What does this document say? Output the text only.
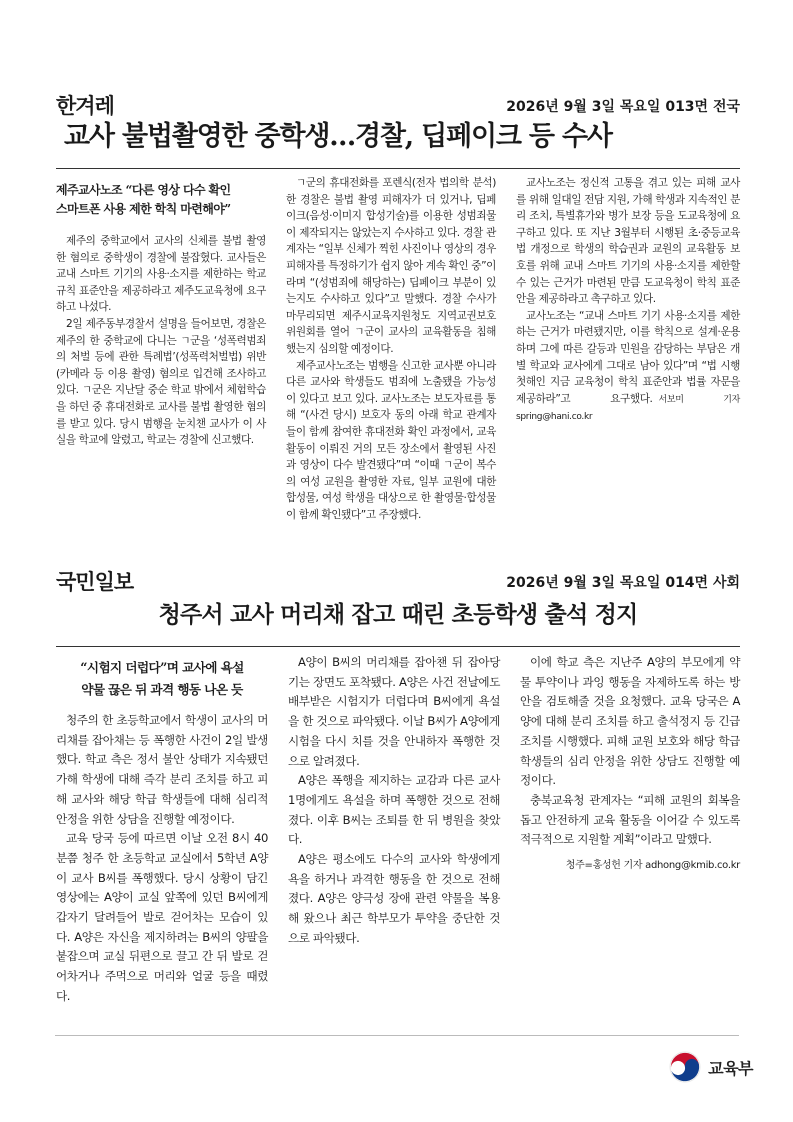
한겨레	2026년 9월 3일 목요일 013면 전국
교사 불법촬영한 중학생…경찰, 딥페이크 등 수사
제주교사노조 “다른 영상 다수 확인
스마트폰 사용 제한 학칙 마련해야”

제주의 중학교에서 교사의 신체를 불법 촬영한 혐의로 중학생이 경찰에 불잡혔다. 교사들은 교내 스마트 기기의 사용·소지를 제한하는 학교규칙 표준안을 제공하라고 제주도교육청에 요구하고 나섰다.

2일 제주동부경찰서 설명을 들어보면, 경찰은 제주의 한 중학교에 다니는 ㄱ군을 ‘성폭력범죄의 처벌 등에 관한 특례법’(성폭력처벌법) 위반(카메라 등 이용 촬영) 혐의로 입건해 조사하고 있다. ㄱ군은 지난달 중순 학교 밖에서 체험학습을 하던 중 휴대전화로 교사를 불법 촬영한 혐의를 받고 있다. 당시 범행을 눈치챈 교사가 이 사실을 학교에 알렸고, 학교는 경찰에 신고했다.

ㄱ군의 휴대전화를 포렌식(전자 법의학 분석)한 경찰은 불법 촬영 피해자가 더 있거나, 딥페이크(음성·이미지 합성기술)를 이용한 성범죄물이 제작되지는 않았는지 수사하고 있다. 경찰 관계자는 “일부 신체가 찍힌 사진이나 영상의 경우 피해자를 특정하기가 쉽지 않아 계속 확인 중”이라며 “(성범죄에 해당하는) 딥페이크 부분이 있는지도 수사하고 있다”고 말했다. 경찰 수사가 마무리되면 제주시교육지원청도 지역교권보호위원회를 열어 ㄱ군이 교사의 교육활동을 침해했는지 심의할 예정이다.

제주교사노조는 범행을 신고한 교사뿐 아니라 다른 교사와 학생들도 범죄에 노출됐을 가능성이 있다고 보고 있다. 교사노조는 보도자료를 통해 “(사건 당시) 보호자 동의 아래 학교 관계자들이 함께 참여한 휴대전화 확인 과정에서, 교육활동이 이뤄진 거의 모든 장소에서 촬영된 사진과 영상이 다수 발견됐다”며 “이때 ㄱ군이 복수의 여성 교원을 촬영한 자료, 일부 교원에 대한 합성물, 여성 학생을 대상으로 한 촬영물·합성물이 함께 확인됐다”고 주장했다.

교사노조는 정신적 고통을 겪고 있는 피해 교사를 위해 일대일 전담 지원, 가해 학생과 지속적인 분리 조치, 특별휴가와 병가 보장 등을 도교육청에 요구하고 있다. 또 지난 3월부터 시행된 초·중등교육법 개정으로 학생의 학습권과 교원의 교육활동 보호를 위해 교내 스마트 기기의 사용·소지를 제한할 수 있는 근거가 마련된 만큼 도교육청이 학칙 표준안을 제공하라고 촉구하고 있다.

교사노조는 “교내 스마트 기기 사용·소지를 제한하는 근거가 마련됐지만, 이를 학칙으로 설계·운용하며 그에 따른 갈등과 민원을 감당하는 부담은 개별 학교와 교사에게 그대로 남아 있다”며 “법 시행 첫해인 지금 교육청이 학칙 표준안과 법률 자문을 제공하라”고 요구했다. 서보미 기자 spring@hani.co.kr

국민일보	2026년 9월 3일 목요일 014면 사회
청주서 교사 머리채 잡고 때린 초등학생 출석 정지
“시험지 더럽다”며 교사에 욕설
약물 끊은 뒤 과격 행동 나온 듯

청주의 한 초등학교에서 학생이 교사의 머리채를 잡아채는 등 폭행한 사건이 2일 발생했다. 학교 측은 정서 불안 상태가 지속됐던 가해 학생에 대해 즉각 분리 조치를 하고 피해 교사와 해당 학급 학생들에 대해 심리적 안정을 위한 상담을 진행할 예정이다.

교육 당국 등에 따르면 이날 오전 8시 40분쯤 청주 한 초등학교 교실에서 5학년 A양이 교사 B씨를 폭행했다. 당시 상황이 담긴 영상에는 A양이 교실 앞쪽에 있던 B씨에게 갑자기 달려들어 발로 걷어차는 모습이 있다. A양은 자신을 제지하려는 B씨의 양팔을 붙잡으며 교실 뒤편으로 끌고 간 뒤 발로 걷어차거나 주먹으로 머리와 얼굴 등을 때렸다.

A양이 B씨의 머리채를 잡아챈 뒤 잡아당기는 장면도 포착됐다. A양은 사건 전날에도 배부받은 시험지가 더럽다며 B씨에게 욕설을 한 것으로 파악됐다. 이날 B씨가 A양에게 시험을 다시 치를 것을 안내하자 폭행한 것으로 알려졌다.

A양은 폭행을 제지하는 교감과 다른 교사 1명에게도 욕설을 하며 폭행한 것으로 전해졌다. 이후 B씨는 조퇴를 한 뒤 병원을 찾았다.

A양은 평소에도 다수의 교사와 학생에게 욕을 하거나 과격한 행동을 한 것으로 전해졌다. A양은 양극성 장애 관련 약물을 복용해 왔으나 최근 학부모가 투약을 중단한 것으로 파악됐다.

이에 학교 측은 지난주 A양의 부모에게 약물 투약이나 과잉 행동을 자제하도록 하는 방안을 검토해줄 것을 요청했다. 교육 당국은 A양에 대해 분리 조치를 하고 출석정지 등 긴급조치를 시행했다. 피해 교원 보호와 해당 학급 학생들의 심리 안정을 위한 상담도 진행할 예정이다.

충북교육청 관계자는 “피해 교원의 회복을 돕고 안전하게 교육 활동을 이어갈 수 있도록 적극적으로 지원할 계획”이라고 말했다.

청주=홍성헌 기자 adhong@kmib.co.kr
교육부
